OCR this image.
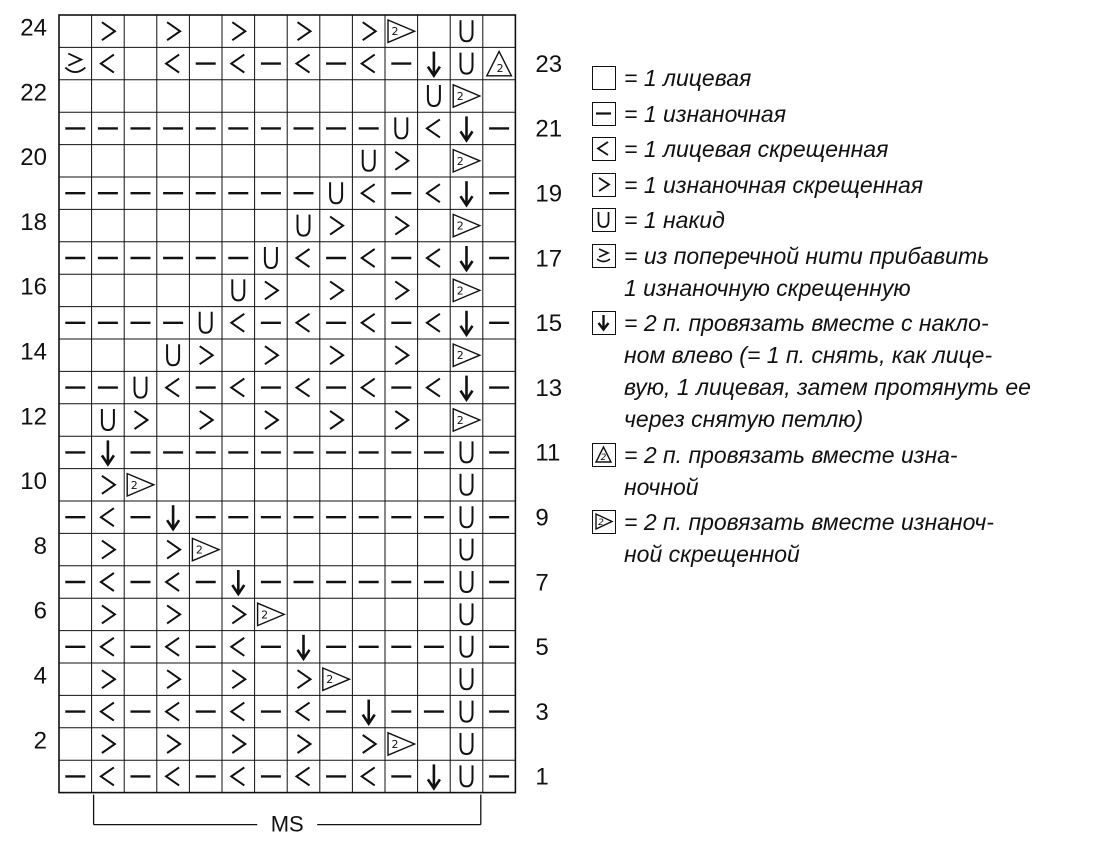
2
24
2 23
2
22
21
2
20
19
2
18
17
2
16
15
2
14
13
2
12
11
2
10
9
2
8
7
2
6
5
2
4
3
2
2
1
MS
= 1 лицевая
= 1 изнаночная
= 1 лицевая скрещенная
= 1 изнаночная скрещенная
= 1 накид
= из поперечной нити прибавить
1 изнаночную скрещенную
= 2 п. провязать вместе с накло-
ном влево (= 1 п. снять, как лице-
вую, 1 лицевая, затем протянуть ее
через снятую петлю)
2 = 2 п. провязать вместе изна-
ночной
2 = 2 п. провязать вместе изнаноч-
ной скрещенной
